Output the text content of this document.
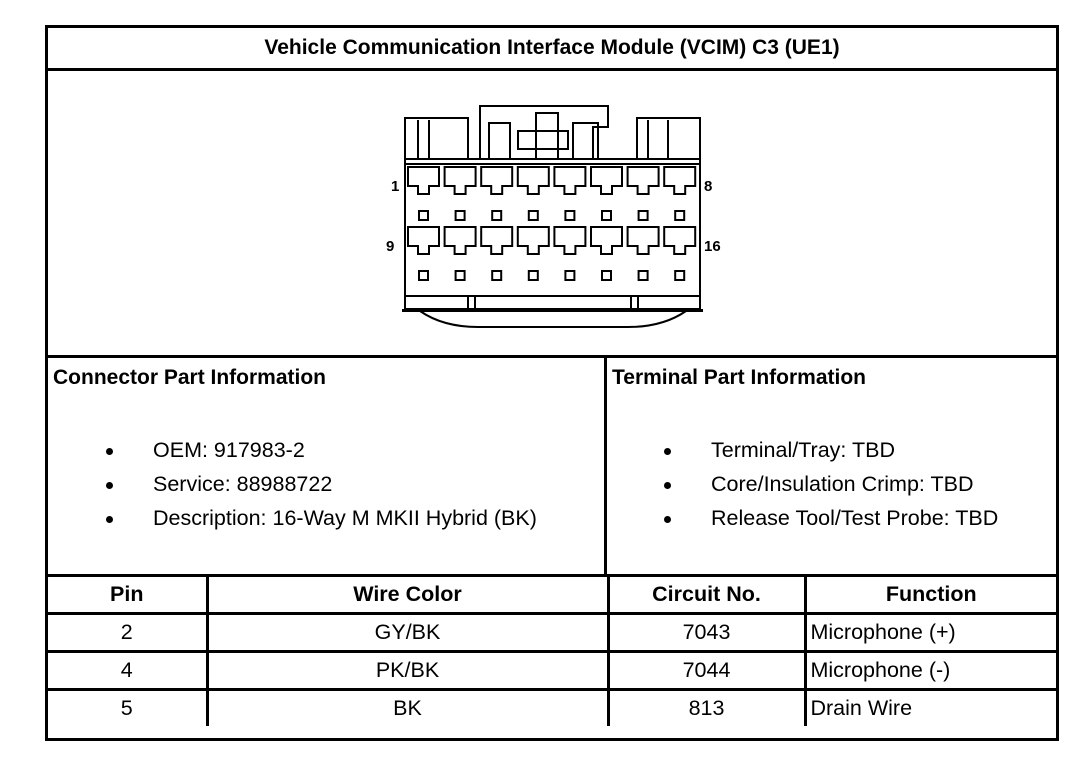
Vehicle Communication Interface Module (VCIM) C3 (UE1)
1	8
9	16
Connector Part Information
OEM: 917983-2
Service: 88988722
Description: 16-Way M MKII Hybrid (BK)
Terminal Part Information
Terminal/Tray: TBD
Core/Insulation Crimp: TBD
Release Tool/Test Probe: TBD
Pin	Wire Color	Circuit No.	Function
2	GY/BK	7043	Microphone (+)
4	PK/BK	7044	Microphone (-)
5	BK	813	Drain Wire
